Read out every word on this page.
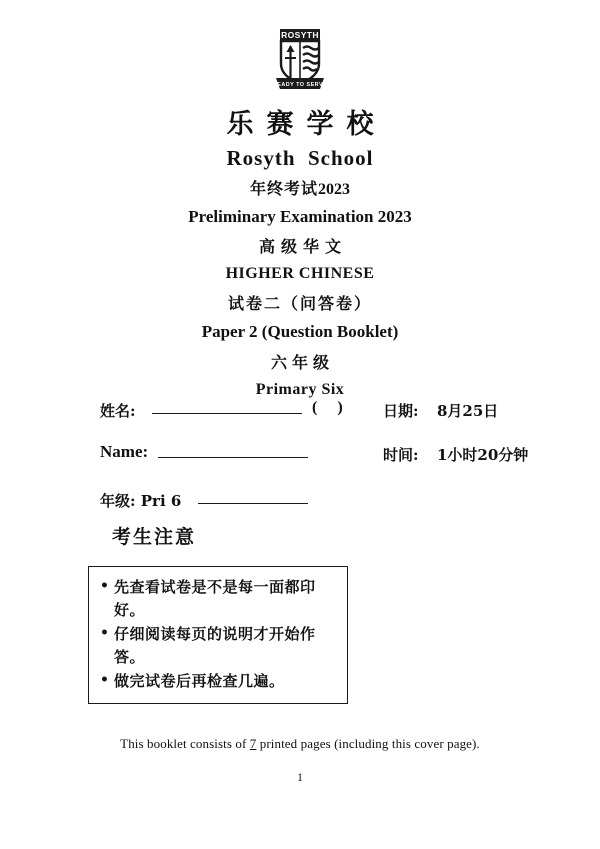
ROSYTH
READY TO SERVE
乐赛学校
Rosyth  School
年终考试2023
Preliminary Examination 2023
高级华文
HIGHER CHINESE
试卷二（问答卷）
Paper 2 (Question Booklet)
六年级
Primary Six
姓名:	(     )	日期: 8月25日
Name:	时间: 1小时20分钟
年级: Pri 6
考生注意
• 先查看试卷是不是每一面都印好。
• 仔细阅读每页的说明才开始作答。
• 做完试卷后再检查几遍。
This booklet consists of 7 printed pages (including this cover page).
1
